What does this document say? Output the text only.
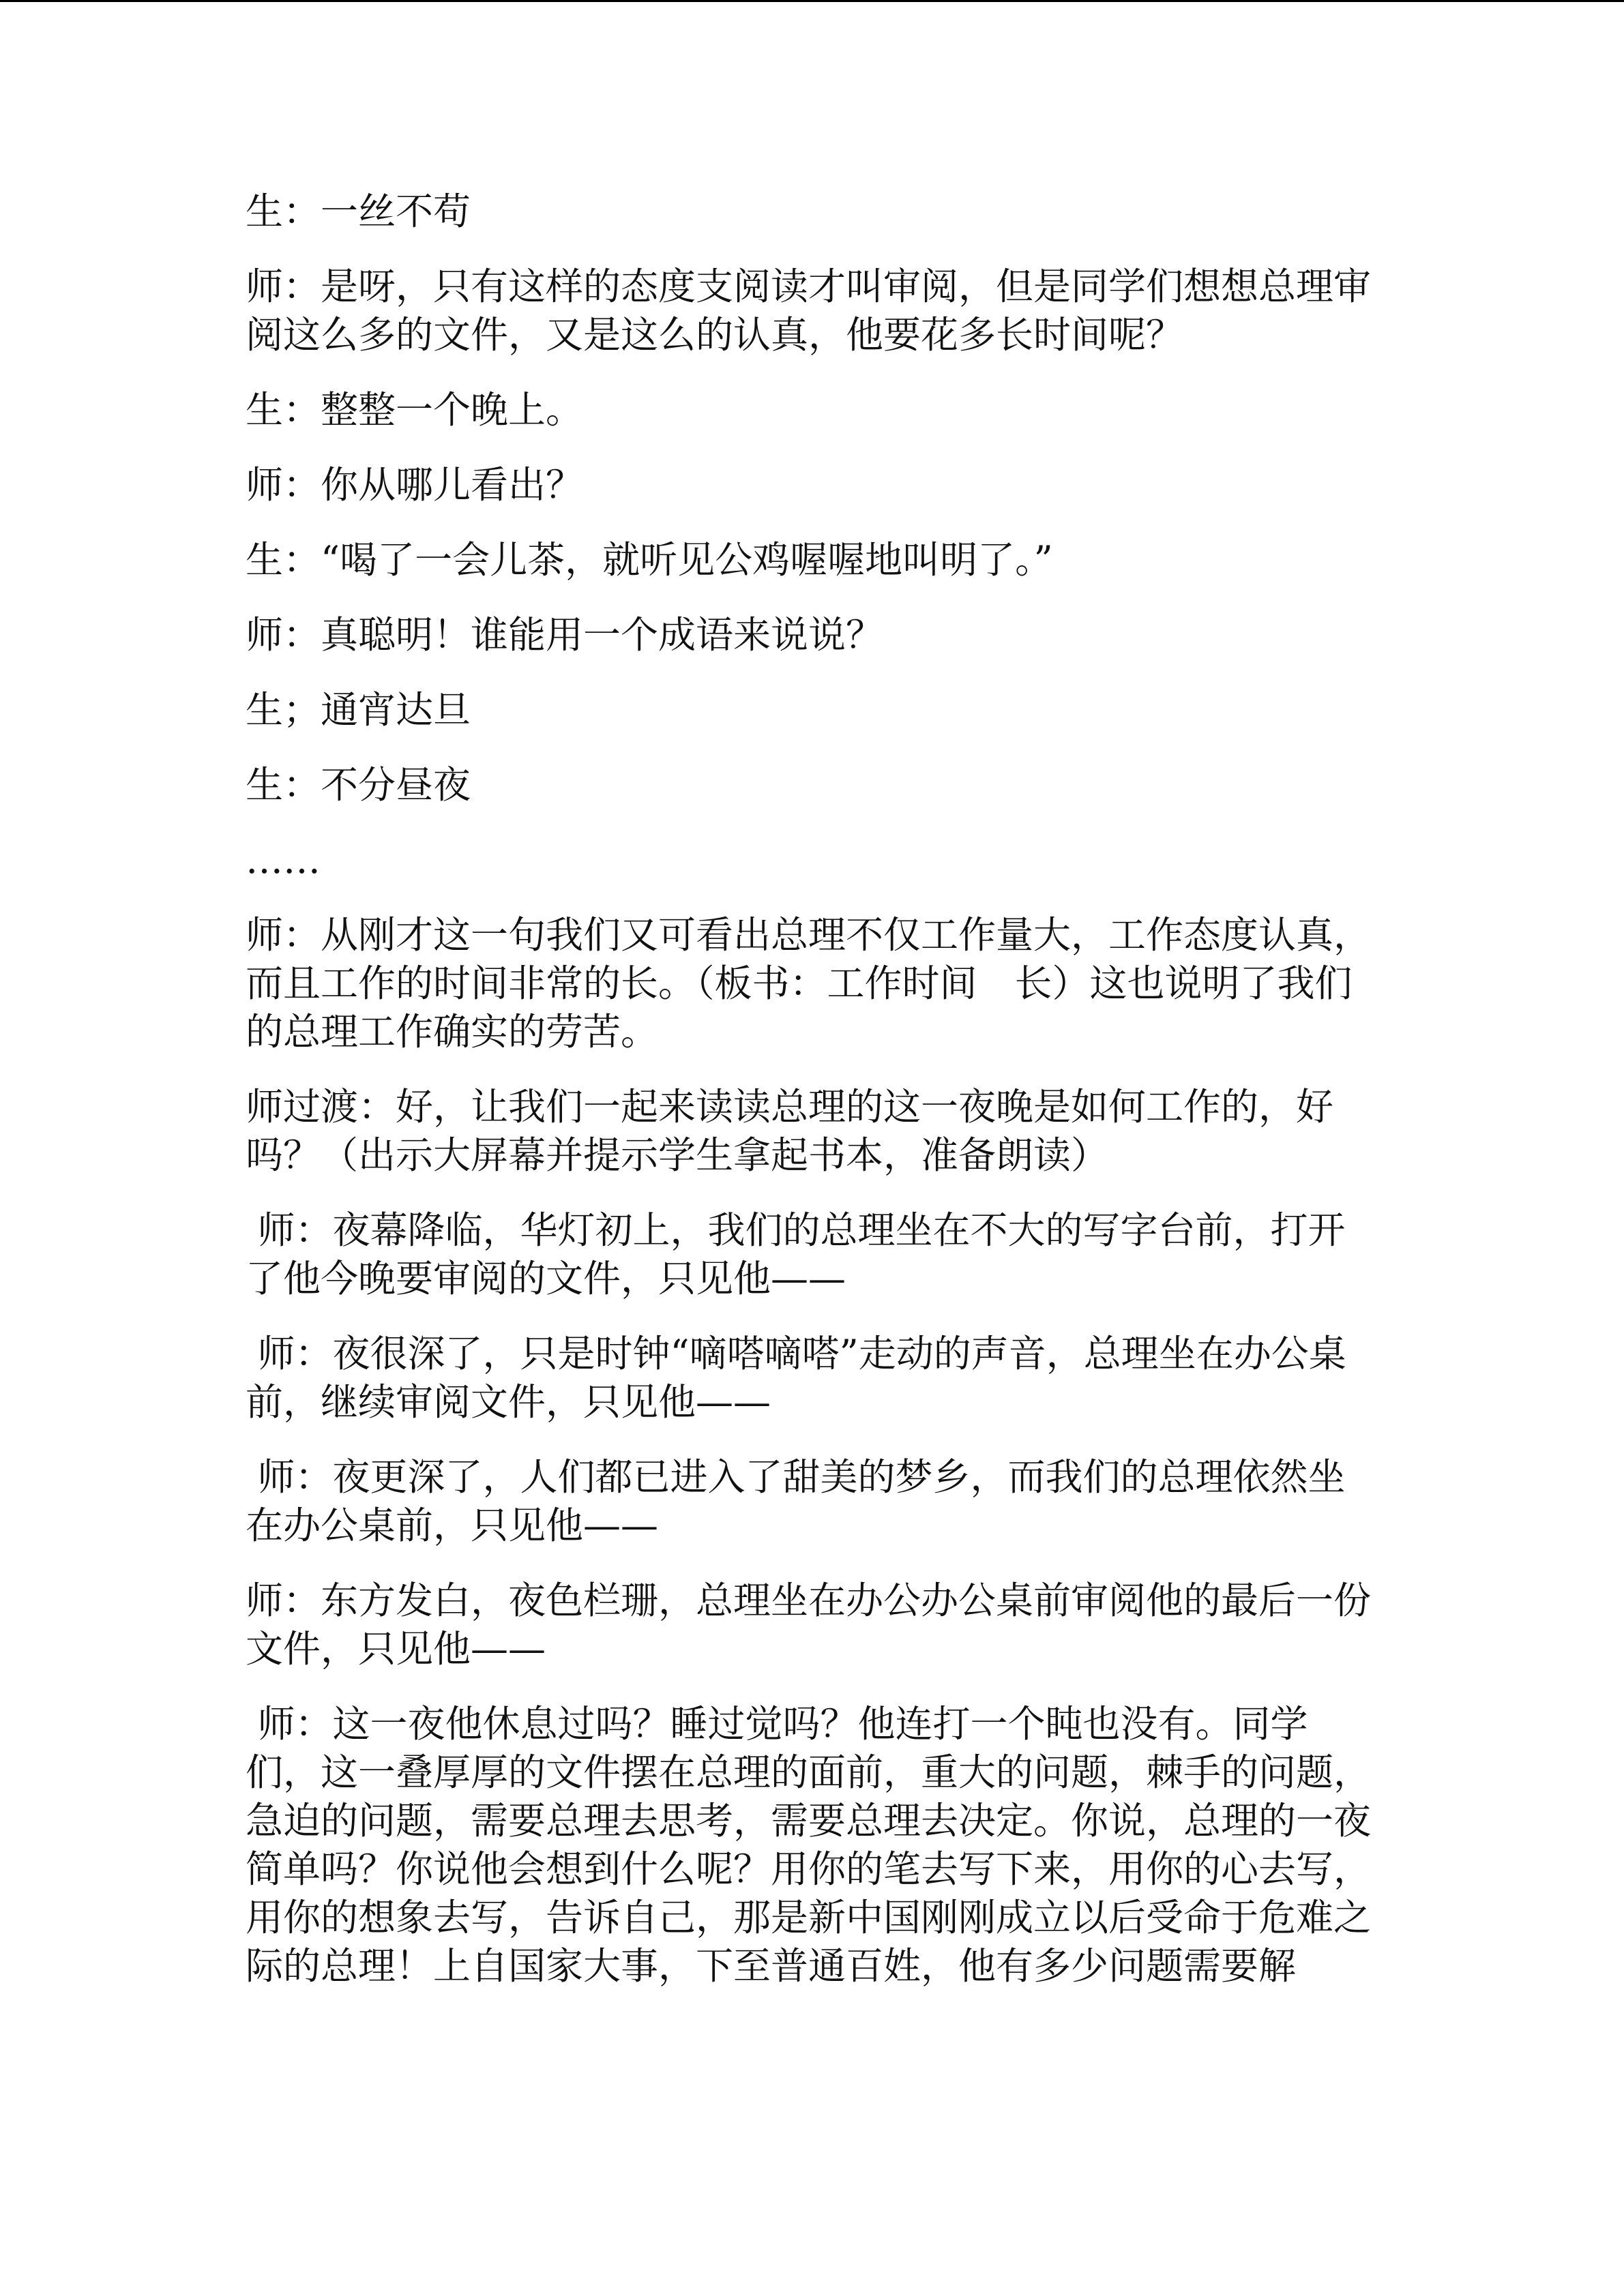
生：一丝不苟

师：是呀，只有这样的态度支阅读才叫审阅，但是同学们想想总理审阅这么多的文件，又是这么的认真，他要花多长时间呢？

生：整整一个晚上。

师：你从哪儿看出？

生：“喝了一会儿茶，就听见公鸡喔喔地叫明了。”

师：真聪明！谁能用一个成语来说说？

生；通宵达旦

生：不分昼夜

……

师：从刚才这一句我们又可看出总理不仅工作量大，工作态度认真，而且工作的时间非常的长。（板书：工作时间　长）这也说明了我们的总理工作确实的劳苦。

师过渡：好，让我们一起来读读总理的这一夜晚是如何工作的，好吗？（出示大屏幕并提示学生拿起书本，准备朗读）

师：夜幕降临，华灯初上，我们的总理坐在不大的写字台前，打开了他今晚要审阅的文件，只见他——

师：夜很深了，只是时钟“嘀嗒嘀嗒”走动的声音，总理坐在办公桌前，继续审阅文件，只见他——

师：夜更深了，人们都已进入了甜美的梦乡，而我们的总理依然坐在办公桌前，只见他——

师：东方发白，夜色栏珊，总理坐在办公办公桌前审阅他的最后一份文件，只见他——

师：这一夜他休息过吗？睡过觉吗？他连打一个盹也没有。同学们，这一叠厚厚的文件摆在总理的面前，重大的问题，棘手的问题，急迫的问题，需要总理去思考，需要总理去决定。你说，总理的一夜简单吗？你说他会想到什么呢？用你的笔去写下来，用你的心去写，用你的想象去写，告诉自己，那是新中国刚刚成立以后受命于危难之际的总理！上自国家大事，下至普通百姓，他有多少问题需要解
